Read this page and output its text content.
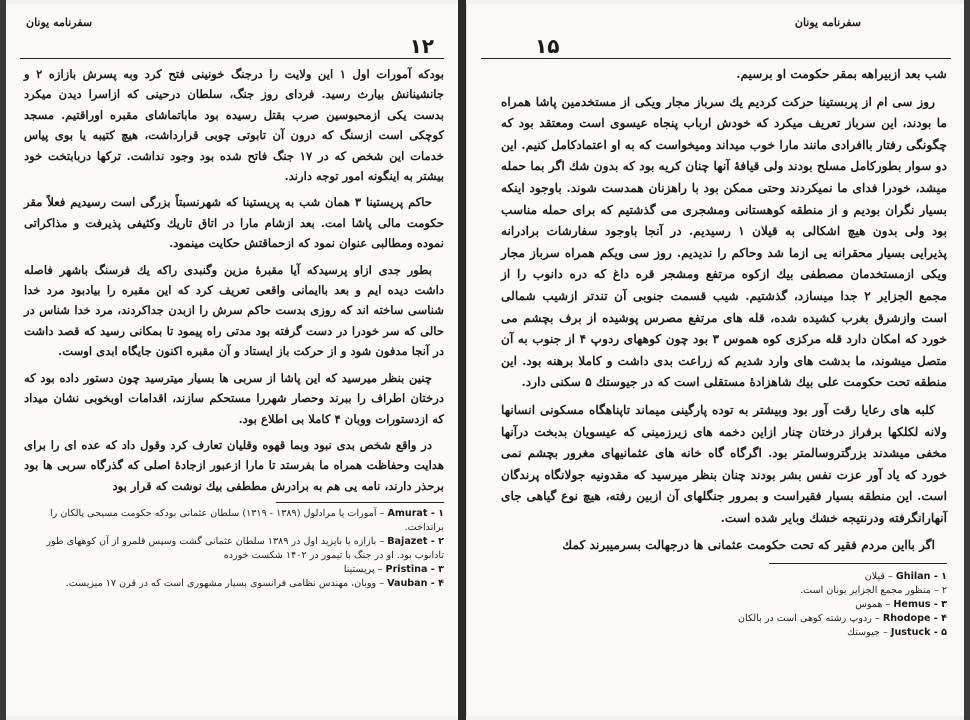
سفرنامه یونان
۱۲

بودکه آمورات اول ۱ این ولایت را درجنگ خونینی فتح کرد وبه پسرش بازازه ۲ و جانشینانش بیارث رسید. فردای روز جنگ، سلطان درحینی که ازاسرا دیدن میکرد بدست یکی ازمحبوسین صرب بقتل رسیده بود ماباتماشای مقبره اوراقتیم. مسجد کوچکی است ازسنگ که درون آن تابوتی چوبی قرارداشت، هیچ کتیبه یا بوی پیاس خدمات این شخص که در ۱۷ جنگ فاتح شده بود وجود نداشت. ترکها دربابتخت خود بیشتر به اینگونه امور توجه دارند.

حاکم پریستینا ۳ همان شب به پریستینا که شهرنسبتاً بزرگی است رسیدیم فعلاً مقر حکومت مالی پاشا امت. بعد ازشام مارا در اتاق تاریك وکثیفی پذیرفت و مذاکراتی نموده ومطالبی عنوان نمود که ازحماقتش حکایت مینمود.

بطور جدی ازاو پرسیدکه آیا مقبرهٔ مزین وگنبدی راکه یك فرسنگ باشهر فاصله داشت دیده ایم و بعد باایمانی واقعی تعریف کرد که این مقبره را بیادبود مرد خدا شناسی ساخته اند که روزی بدست حاکم سرش را ازبدن جداکردند، مرد خدا شناس در حالی که سر خودرا در دست گرفته بود مدتی راه پیمود تا بمکانی رسید که قصد داشت در آنجا مدفون شود و از حرکت باز ایستاد و آن مقبره اکنون جایگاه ابدی اوست.

چنین بنظر میرسید که این پاشا از سربی ها بسیار میترسید چون دستور داده بود که درختان اطراف را ببرند وحصار شهررا مستحکم سازند، اقدامات اوبخوبی نشان میداد که ازدستورات ووبان ۴ کاملا بی اطلاع بود.

در واقع شخص بدی نبود وبما قهوه وقلیان تعارف کرد وقول داد که عده ای را برای هدایت وحفاظت همراه ما بفرستد تا مارا ازعبور ازجادهٔ اصلی که گذرگاه سربی ها بود برحذر دارند، نامه یی هم به برادرش مططفی بیك نوشت که قرار بود

Amurat - ۱ – آمورات یا مرادلول (۱۳۸۹ - ۱۳۱۹) سلطان عثمانی بودکه حکومت مسیحی پالکان را برانداخت.

Bajazet - ۲ – بازازه یا بایزید اول در ۱۳۸۹ سلطان عثمانی گشت وسپس قلمرو از آن کوههای طور تادانوب بود. او در جنگ با تیمور در ۱۴۰۲ شکست خورده

Pristina - ۳ – پریستینا

Vauban - ۴ – ووبان، مهندس نظامی فرانسوی بسیار مشهوری است که در قرن ۱۷ میزیست.

سفرنامه یونان
۱۵

شب بعد ازبیراهه بمقر حکومت او برسیم.

روز سی ام از پربستینا حرکت کردیم یك سرباز مجار ویکی از مستخدمین پاشا همراه ما بودند، این سرباز تعریف میکرد که خودش ارباب پنجاه عیسوی است ومعتقد بود که چگونگی رفتار باافرادی مانند مارا خوب میداند ومیخواست که به او اعتمادکامل کنیم. این دو سوار بطورکامل مسلح بودند ولی قیافهٔ آنها چنان کریه بود که بدون شك اگر بما حمله میشد، خودرا فدای ما نمیکردند وحتی ممکن بود با راهزنان همدست شوند. باوجود اینکه بسیار نگران بودیم و از منطقه کوهستانی ومشجری می گذشتیم که برای حمله مناسب بود ولی بدون هیچ اشکالی به قیلان ۱ رسیدیم. در آنجا باوجود سفارشات برادرانه پذیرایی بسیار محقرانه یی ازما شد وحاکم را ندیدیم. روز سی ویکم همراه سرباز مجار ویکی ازمستخدمان مصطفی بیك ازکوه مرتفع ومشجر قره داغ که دره دانوب را از مجمع الجزایر ۲ جدا میسازد، گذشتیم. شیب قسمت جنوبی آن تندتر ازشیب شمالی است وازشرق بغرب کشیده شده، قله های مرتفع مصرس پوشیده از برف بچشم می خورد که امکان دارد قله مرکزی کوه هموس ۳ بود چون کوههای ردوپ ۴ از جنوب به آن متصل میشوند، ما بدشت های وارد شدیم که زراعت بدی داشت و کاملا برهنه بود. این منطقه تحت حکومت علی بیك شاهزادهٔ مستقلی است که در جیوستك ۵ سکنی دارد.

کلبه های رعایا رقت آور بود وبیشتر به توده پارگینی میماند تاپناهگاه مسکونی انسانها ولانه لکلکها برفراز درختان چنار ازاین دخمه های زیرزمینی که عیسویان بدبخت درآنها مخفی میشدند بزرگتروسالمتر بود. اگرگاه گاه خانه های عثمانیهای مغرور بچشم نمی خورد که یاد آور عزت نفس بشر بودند چنان بنظر میرسید که مقدونیه جولانگاه پرندگان است. این منطقه بسیار فقیراست و بمرور جنگلهای آن ازبین رفته، هیچ نوع گیاهی جای آنهارانگرفته ودرنتیجه خشك وبایر شده است.

اگر بااین مردم فقیر که تحت حکومت عثمانی ها درجهالت بسرمیبرند کمك

Ghilan - ۱ – قیلان

۲ – منظور مجمع الجزایر یونان است.

Hemus - ۳ – هموس

Rhodope - ۴ – ردوپ رشته کوهی است در بالکان

Justuck - ۵ – جیوستك
